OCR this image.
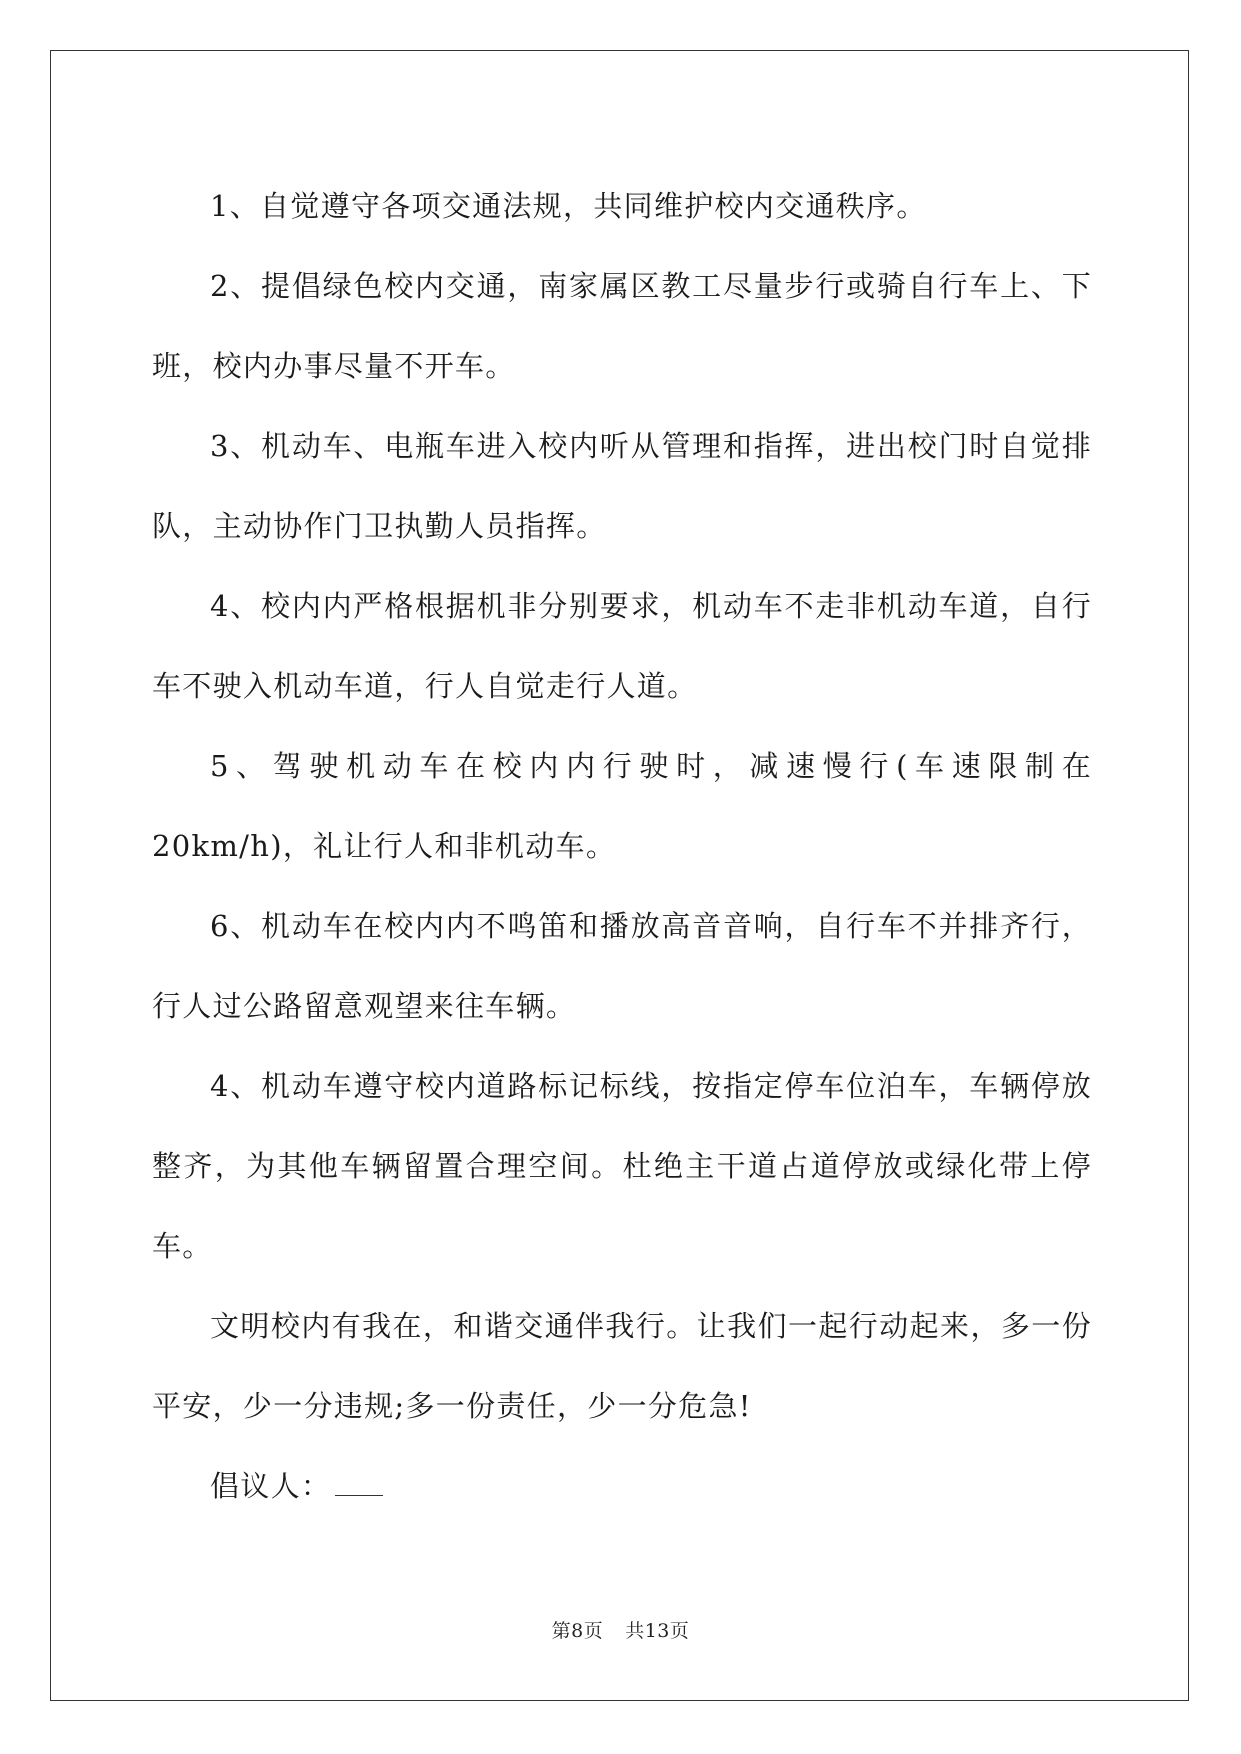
1、自觉遵守各项交通法规，共同维护校内交通秩序。

2、提倡绿色校内交通，南家属区教工尽量步行或骑自行车上、下班，校内办事尽量不开车。

3、机动车、电瓶车进入校内听从管理和指挥，进出校门时自觉排队，主动协作门卫执勤人员指挥。

4、校内内严格根据机非分别要求，机动车不走非机动车道，自行车不驶入机动车道，行人自觉走行人道。

5、驾驶机动车在校内内行驶时，减速慢行(车速限制在20km/h)，礼让行人和非机动车。

6、机动车在校内内不鸣笛和播放高音音响，自行车不并排齐行，行人过公路留意观望来往车辆。

4、机动车遵守校内道路标记标线，按指定停车位泊车，车辆停放整齐，为其他车辆留置合理空间。杜绝主干道占道停放或绿化带上停车。

文明校内有我在，和谐交通伴我行。让我们一起行动起来，多一份平安，少一分违规;多一份责任，少一分危急!

倡议人：

第8页 共13页
